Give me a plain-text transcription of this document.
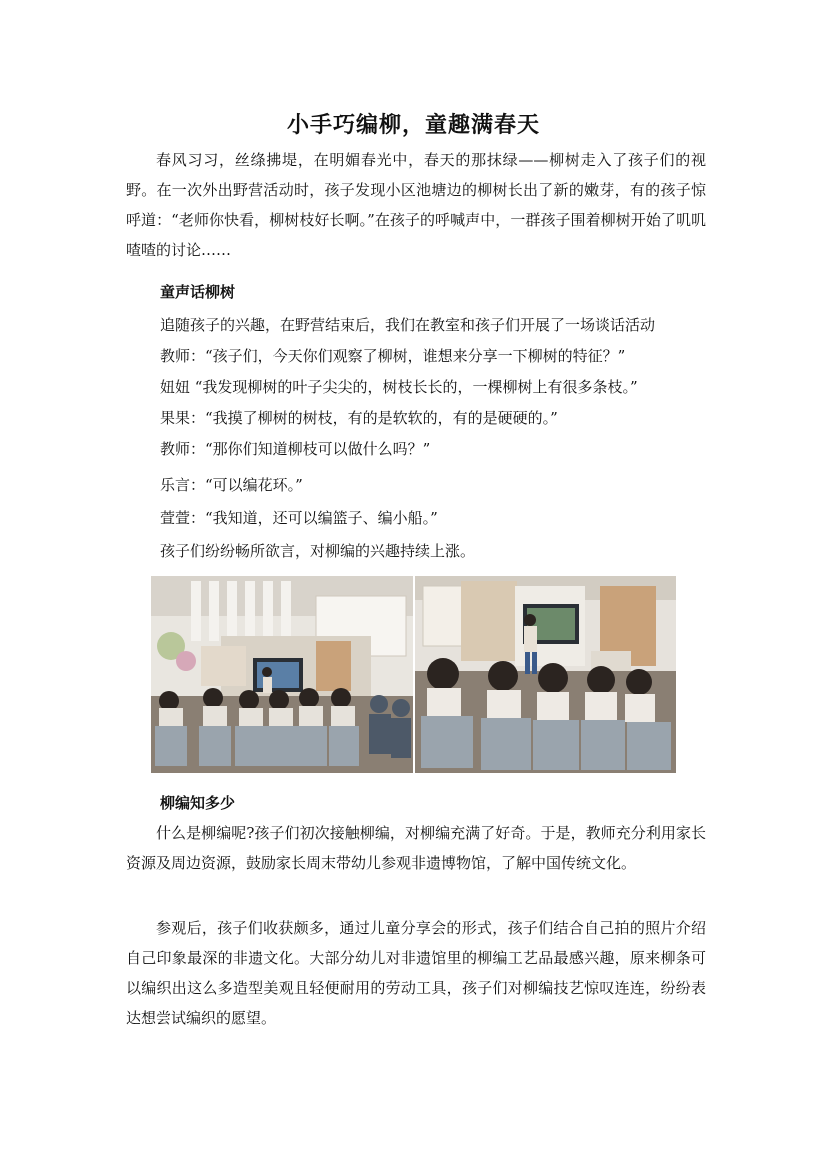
小手巧编柳，童趣满春天
春风习习，丝绦拂堤，在明媚春光中，春天的那抹绿——柳树走入了孩子们的视野。在一次外出野营活动时，孩子发现小区池塘边的柳树长出了新的嫩芽，有的孩子惊呼道：“老师你快看，柳树枝好长啊。”在孩子的呼喊声中，一群孩子围着柳树开始了叽叽喳喳的讨论……
童声话柳树
追随孩子的兴趣，在野营结束后，我们在教室和孩子们开展了一场谈话活动
教师：“孩子们，今天你们观察了柳树，谁想来分享一下柳树的特征？”
妞妞 “我发现柳树的叶子尖尖的，树枝长长的，一棵柳树上有很多条枝。”
果果：“我摸了柳树的树枝，有的是软软的，有的是硬硬的。”
教师：“那你们知道柳枝可以做什么吗？”
乐言：“可以编花环。”
萱萱：“我知道，还可以编篮子、编小船。”
孩子们纷纷畅所欲言，对柳编的兴趣持续上涨。
柳编知多少
什么是柳编呢?孩子们初次接触柳编，对柳编充满了好奇。于是，教师充分利用家长资源及周边资源，鼓励家长周末带幼儿参观非遗博物馆，了解中国传统文化。
参观后，孩子们收获颇多，通过儿童分享会的形式，孩子们结合自己拍的照片介绍自己印象最深的非遗文化。大部分幼儿对非遗馆里的柳编工艺品最感兴趣，原来柳条可以编织出这么多造型美观且轻便耐用的劳动工具，孩子们对柳编技艺惊叹连连，纷纷表达想尝试编织的愿望。
